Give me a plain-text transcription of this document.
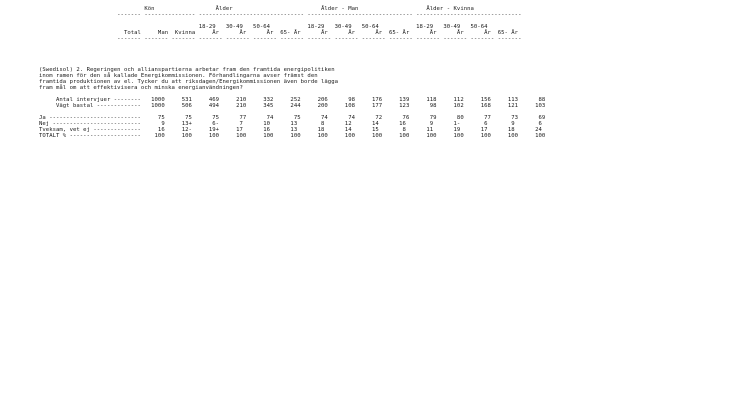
Kön                  Ålder                          Ålder - Man                    Ålder - Kvinna
------- --------------- ------------------------------- ------------------------------- -------------------------------
18-29   30-49   50-64           18-29   30-49   50-64           18-29   30-49   50-64
Total     Man  Kvinna     År      År      År  65- År      År      År      År  65- År      År      År      År  65- År
------- ------- ------- ------- ------- ------- ------- ------- ------- ------- ------- ------- ------- ------- -------
(Swedisol) 2. Regeringen och allianspartierna arbetar fram den framtida energipolitiken
inom ramen för den så kallade Energikommissionen. Förhandlingarna avser främst den
framtida produktionen av el. Tycker du att riksdagen/Energikommissionen även borde lägga
fram mål om att effektivisera och minska energianvändningen?
Antal intervjuer --------   1000     531     469     210     332     252     206      98     176     139     118     112     156     113      88
Vägt bastal -------------   1000     506     494     210     345     244     200     108     177     123      98     102     168     121     103
Ja ---------------------------     75      75      75      77      74      75      74      74      72      76      79      80      77      73      69
Nej --------------------------      9     13+      6-      7      10      13       8      12      14      16       9      1-       6       9       6
Tveksam, vet ej --------------     16     12-     19+     17      16      13      18      14      15       8      11      19      17      18      24
TOTALT % ---------------------    100     100     100     100     100     100     100     100     100     100     100     100     100     100     100
